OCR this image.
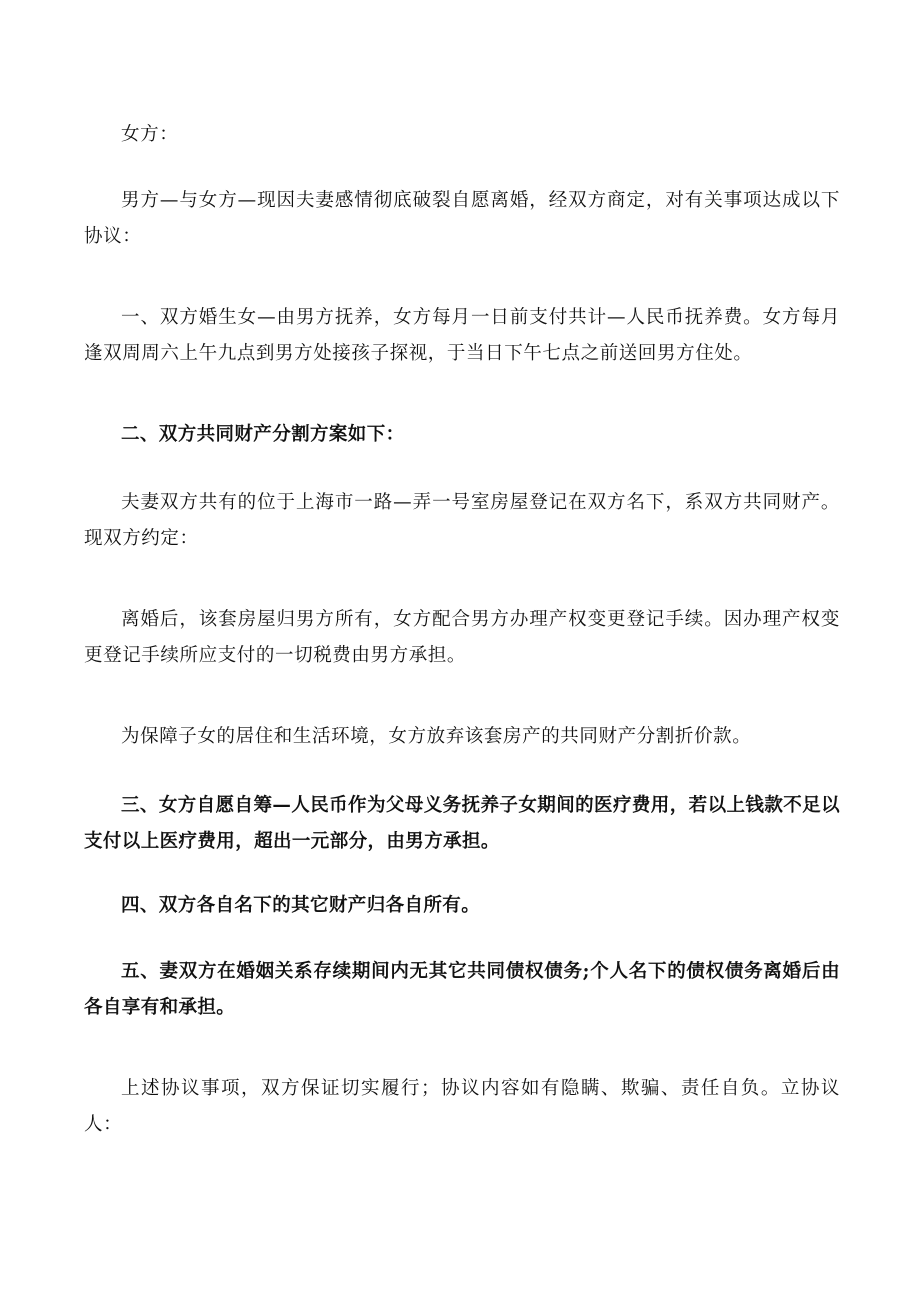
女方：

男方—与女方—现因夫妻感情彻底破裂自愿离婚，经双方商定，对有关事项达成以下协议：

一、双方婚生女—由男方抚养，女方每月一日前支付共计—人民币抚养费。女方每月逢双周周六上午九点到男方处接孩子探视，于当日下午七点之前送回男方住处。

二、双方共同财产分割方案如下：

夫妻双方共有的位于上海市一路—弄一号室房屋登记在双方名下，系双方共同财产。现双方约定：

离婚后，该套房屋归男方所有，女方配合男方办理产权变更登记手续。因办理产权变更登记手续所应支付的一切税费由男方承担。

为保障子女的居住和生活环境，女方放弃该套房产的共同财产分割折价款。

三、女方自愿自筹—人民币作为父母义务抚养子女期间的医疗费用，若以上钱款不足以支付以上医疗费用，超出一元部分，由男方承担。

四、双方各自名下的其它财产归各自所有。

五、妻双方在婚姻关系存续期间内无其它共同债权债务;个人名下的债权债务离婚后由各自享有和承担。

上述协议事项，双方保证切实履行；协议内容如有隐瞒、欺骗、责任自负。立协议人：
